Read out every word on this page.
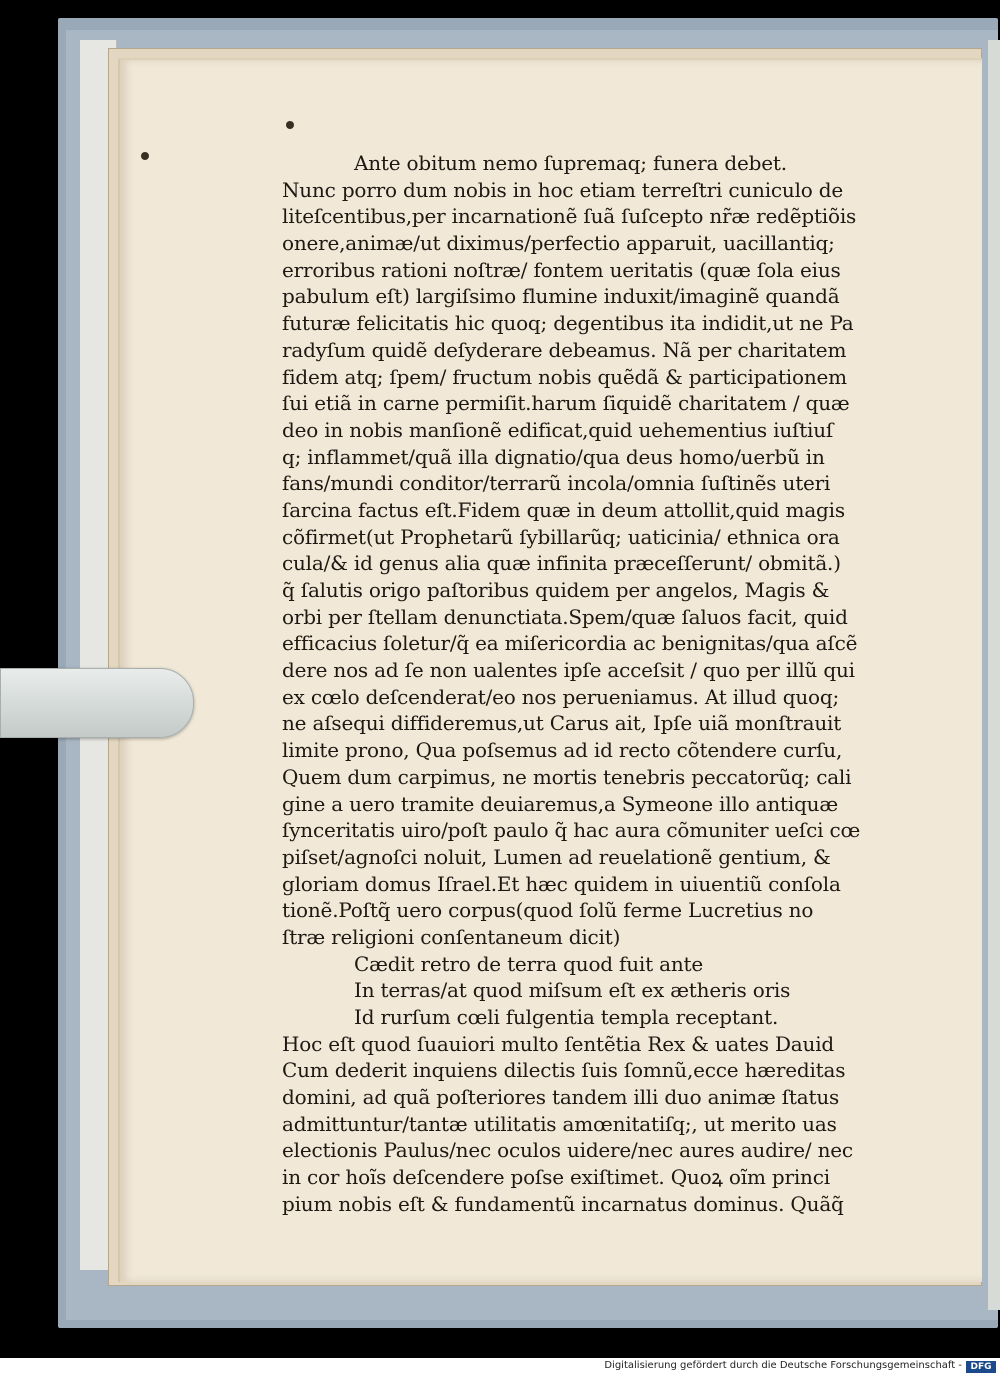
Ante obitum nemo ſupremaq; funera debet.
Nunc porro dum nobis in hoc etiam terreſtri cuniculo de
liteſcentibus,per incarnationẽ ſuã ſuſcepto nr̃æ redẽptiõis
onere,animæ/ut diximus/perfectio apparuit, uacillantiq;
erroribus rationi noſtræ/ fontem ueritatis (quæ ſola eius
pabulum eſt) largiſsimo flumine induxit/imaginẽ quandã
futuræ felicitatis hic quoq; degentibus ita indidit,ut ne Pa
radyſum quidẽ deſyderare debeamus. Nã per charitatem
fidem atq; ſpem/ fructum nobis quẽdã & participationem
ſui etiã in carne permiſit.harum ſiquidẽ charitatem / quæ
deo in nobis manſionẽ edificat,quid uehementius iuſtiuſ
q; inflammet/quã illa dignatio/qua deus homo/uerbũ in
fans/mundi conditor/terrarũ incola/omnia ſuſtinẽs uteri
ſarcina factus eſt.Fidem quæ in deum attollit,quid magis
cõfirmet(ut Prophetarũ ſybillarũq; uaticinia/ ethnica ora
cula/& id genus alia quæ infinita præceſſerunt/ obmitã.)
q̃ ſalutis origo paſtoribus quidem per angelos, Magis &
orbi per ſtellam denunctiata.Spem/quæ ſaluos facit, quid
efficacius ſoletur/q̃ ea miſericordia ac benignitas/qua aſcẽ
dere nos ad ſe non ualentes ipſe acceſsit / quo per illũ qui
ex cœlo deſcenderat/eo nos perueniamus. At illud quoq;
ne aſsequi diffideremus,ut Carus ait, Ipſe uiã monſtrauit
limite prono, Qua poſsemus ad id recto cõtendere curſu,
Quem dum carpimus, ne mortis tenebris peccatorũq; cali
gine a uero tramite deuiaremus,a Symeone illo antiquæ
ſynceritatis uiro/poſt paulo q̃ hac aura cõmuniter ueſci cœ
piſset/agnoſci noluit, Lumen ad reuelationẽ gentium, &
gloriam domus Iſrael.Et hæc quidem in uiuentiũ conſola
tionẽ.Poſtq̃ uero corpus(quod ſolũ ferme Lucretius no
ſtræ religioni conſentaneum dicit)
Cædit retro de terra quod fuit ante
In terras/at quod miſsum eſt ex ætheris oris
Id rurſum cœli fulgentia templa receptant.
Hoc eſt quod ſuauiori multo ſentẽtia Rex & uates Dauid
Cum dederit inquiens dilectis ſuis ſomnũ,ecce hæreditas
domini, ad quã poſteriores tandem illi duo animæ ſtatus
admittuntur/tantæ utilitatis amœnitatiſq;, ut merito uas
electionis Paulus/nec oculos uidere/nec aures audire/ nec
in cor hoĩs deſcendere poſse exiſtimet. Quoꝝ oĩm princi
pium nobis eſt & fundamentũ incarnatus dominus. Quãq̃
Digitalisierung gefördert durch die Deutsche Forschungsgemeinschaft - DFG
